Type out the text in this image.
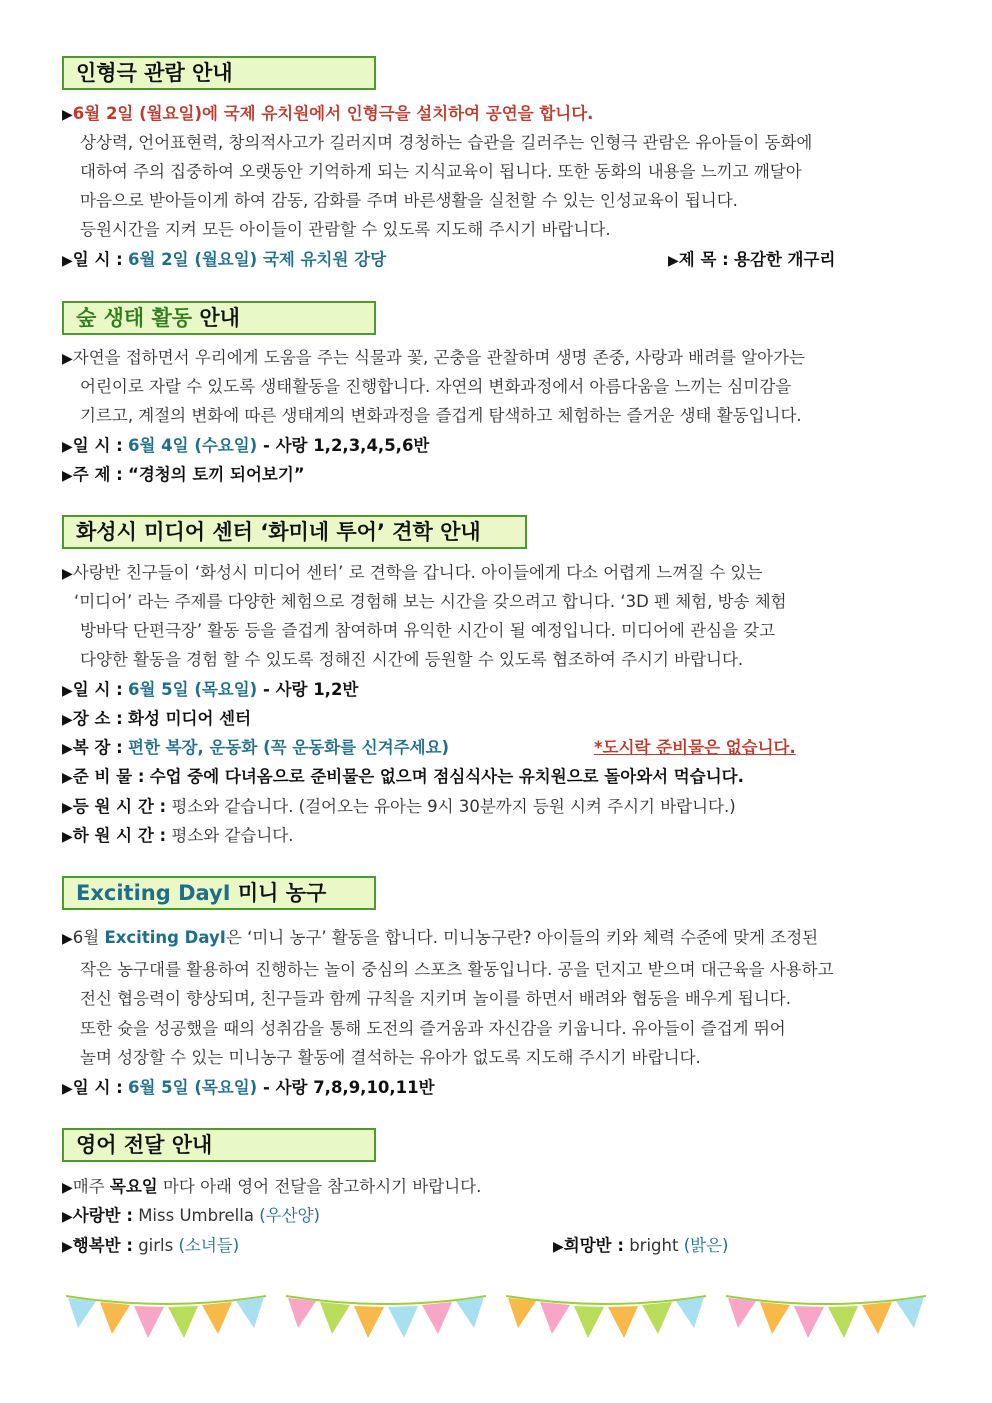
인형극 관람 안내
▶6월 2일 (월요일)에 국제 유치원에서 인형극을 설치하여 공연을 합니다.
상상력, 언어표현력, 창의적사고가 길러지며 경청하는 습관을 길러주는 인형극 관람은 유아들이 동화에
대하여 주의 집중하여 오랫동안 기억하게 되는 지식교육이 됩니다. 또한 동화의 내용을 느끼고 깨달아
마음으로 받아들이게 하여 감동, 감화를 주며 바른생활을 실천할 수 있는 인성교육이 됩니다.
등원시간을 지켜 모든 아이들이 관람할 수 있도록 지도해 주시기 바랍니다.
▶일 시 : 6월 2일 (월요일) 국제 유치원 강당	▶제 목 : 용감한 개구리
숲 생태 활동 안내
▶자연을 접하면서 우리에게 도움을 주는 식물과 꽃, 곤충을 관찰하며 생명 존중, 사랑과 배려를 알아가는
어린이로 자랄 수 있도록 생태활동을 진행합니다. 자연의 변화과정에서 아름다움을 느끼는 심미감을
기르고, 계절의 변화에 따른 생태계의 변화과정을 즐겁게 탐색하고 체험하는 즐거운 생태 활동입니다.
▶일 시 : 6월 4일 (수요일) - 사랑 1,2,3,4,5,6반
▶주 제 : “경청의 토끼 되어보기”
화성시 미디어 센터 ‘화미네 투어’ 견학 안내
▶사랑반 친구들이 ‘화성시 미디어 센터’ 로 견학을 갑니다. 아이들에게 다소 어렵게 느껴질 수 있는
‘미디어’ 라는 주제를 다양한 체험으로 경험해 보는 시간을 갖으려고 합니다. ‘3D 펜 체험, 방송 체험
방바닥 단편극장’ 활동 등을 즐겁게 참여하며 유익한 시간이 될 예정입니다. 미디어에 관심을 갖고
다양한 활동을 경험 할 수 있도록 정해진 시간에 등원할 수 있도록 협조하여 주시기 바랍니다.
▶일 시 : 6월 5일 (목요일) - 사랑 1,2반
▶장 소 : 화성 미디어 센터
▶복 장 : 편한 복장, 운동화 (꼭 운동화를 신겨주세요)	*도시락 준비물은 없습니다.
▶준 비 물 : 수업 중에 다녀옴으로 준비물은 없으며 점심식사는 유치원으로 돌아와서 먹습니다.
▶등 원 시 간 : 평소와 같습니다. (걸어오는 유아는 9시 30분까지 등원 시켜 주시기 바랍니다.)
▶하 원 시 간 : 평소와 같습니다.
Exciting DayⅠ 미니 농구
▶6월 Exciting DayⅠ은 ‘미니 농구’ 활동을 합니다. 미니농구란? 아이들의 키와 체력 수준에 맞게 조정된
작은 농구대를 활용하여 진행하는 놀이 중심의 스포츠 활동입니다. 공을 던지고 받으며 대근육을 사용하고
전신 협응력이 향상되며, 친구들과 함께 규칙을 지키며 놀이를 하면서 배려와 협동을 배우게 됩니다.
또한 슛을 성공했을 때의 성취감을 통해 도전의 즐거움과 자신감을 키웁니다. 유아들이 즐겁게 뛰어
놀며 성장할 수 있는 미니농구 활동에 결석하는 유아가 없도록 지도해 주시기 바랍니다.
▶일 시 : 6월 5일 (목요일) - 사랑 7,8,9,10,11반
영어 전달 안내
▶매주 목요일 마다 아래 영어 전달을 참고하시기 바랍니다.
▶사랑반 : Miss Umbrella (우산양)
▶행복반 : girls (소녀들)	▶희망반 : bright (밝은)
